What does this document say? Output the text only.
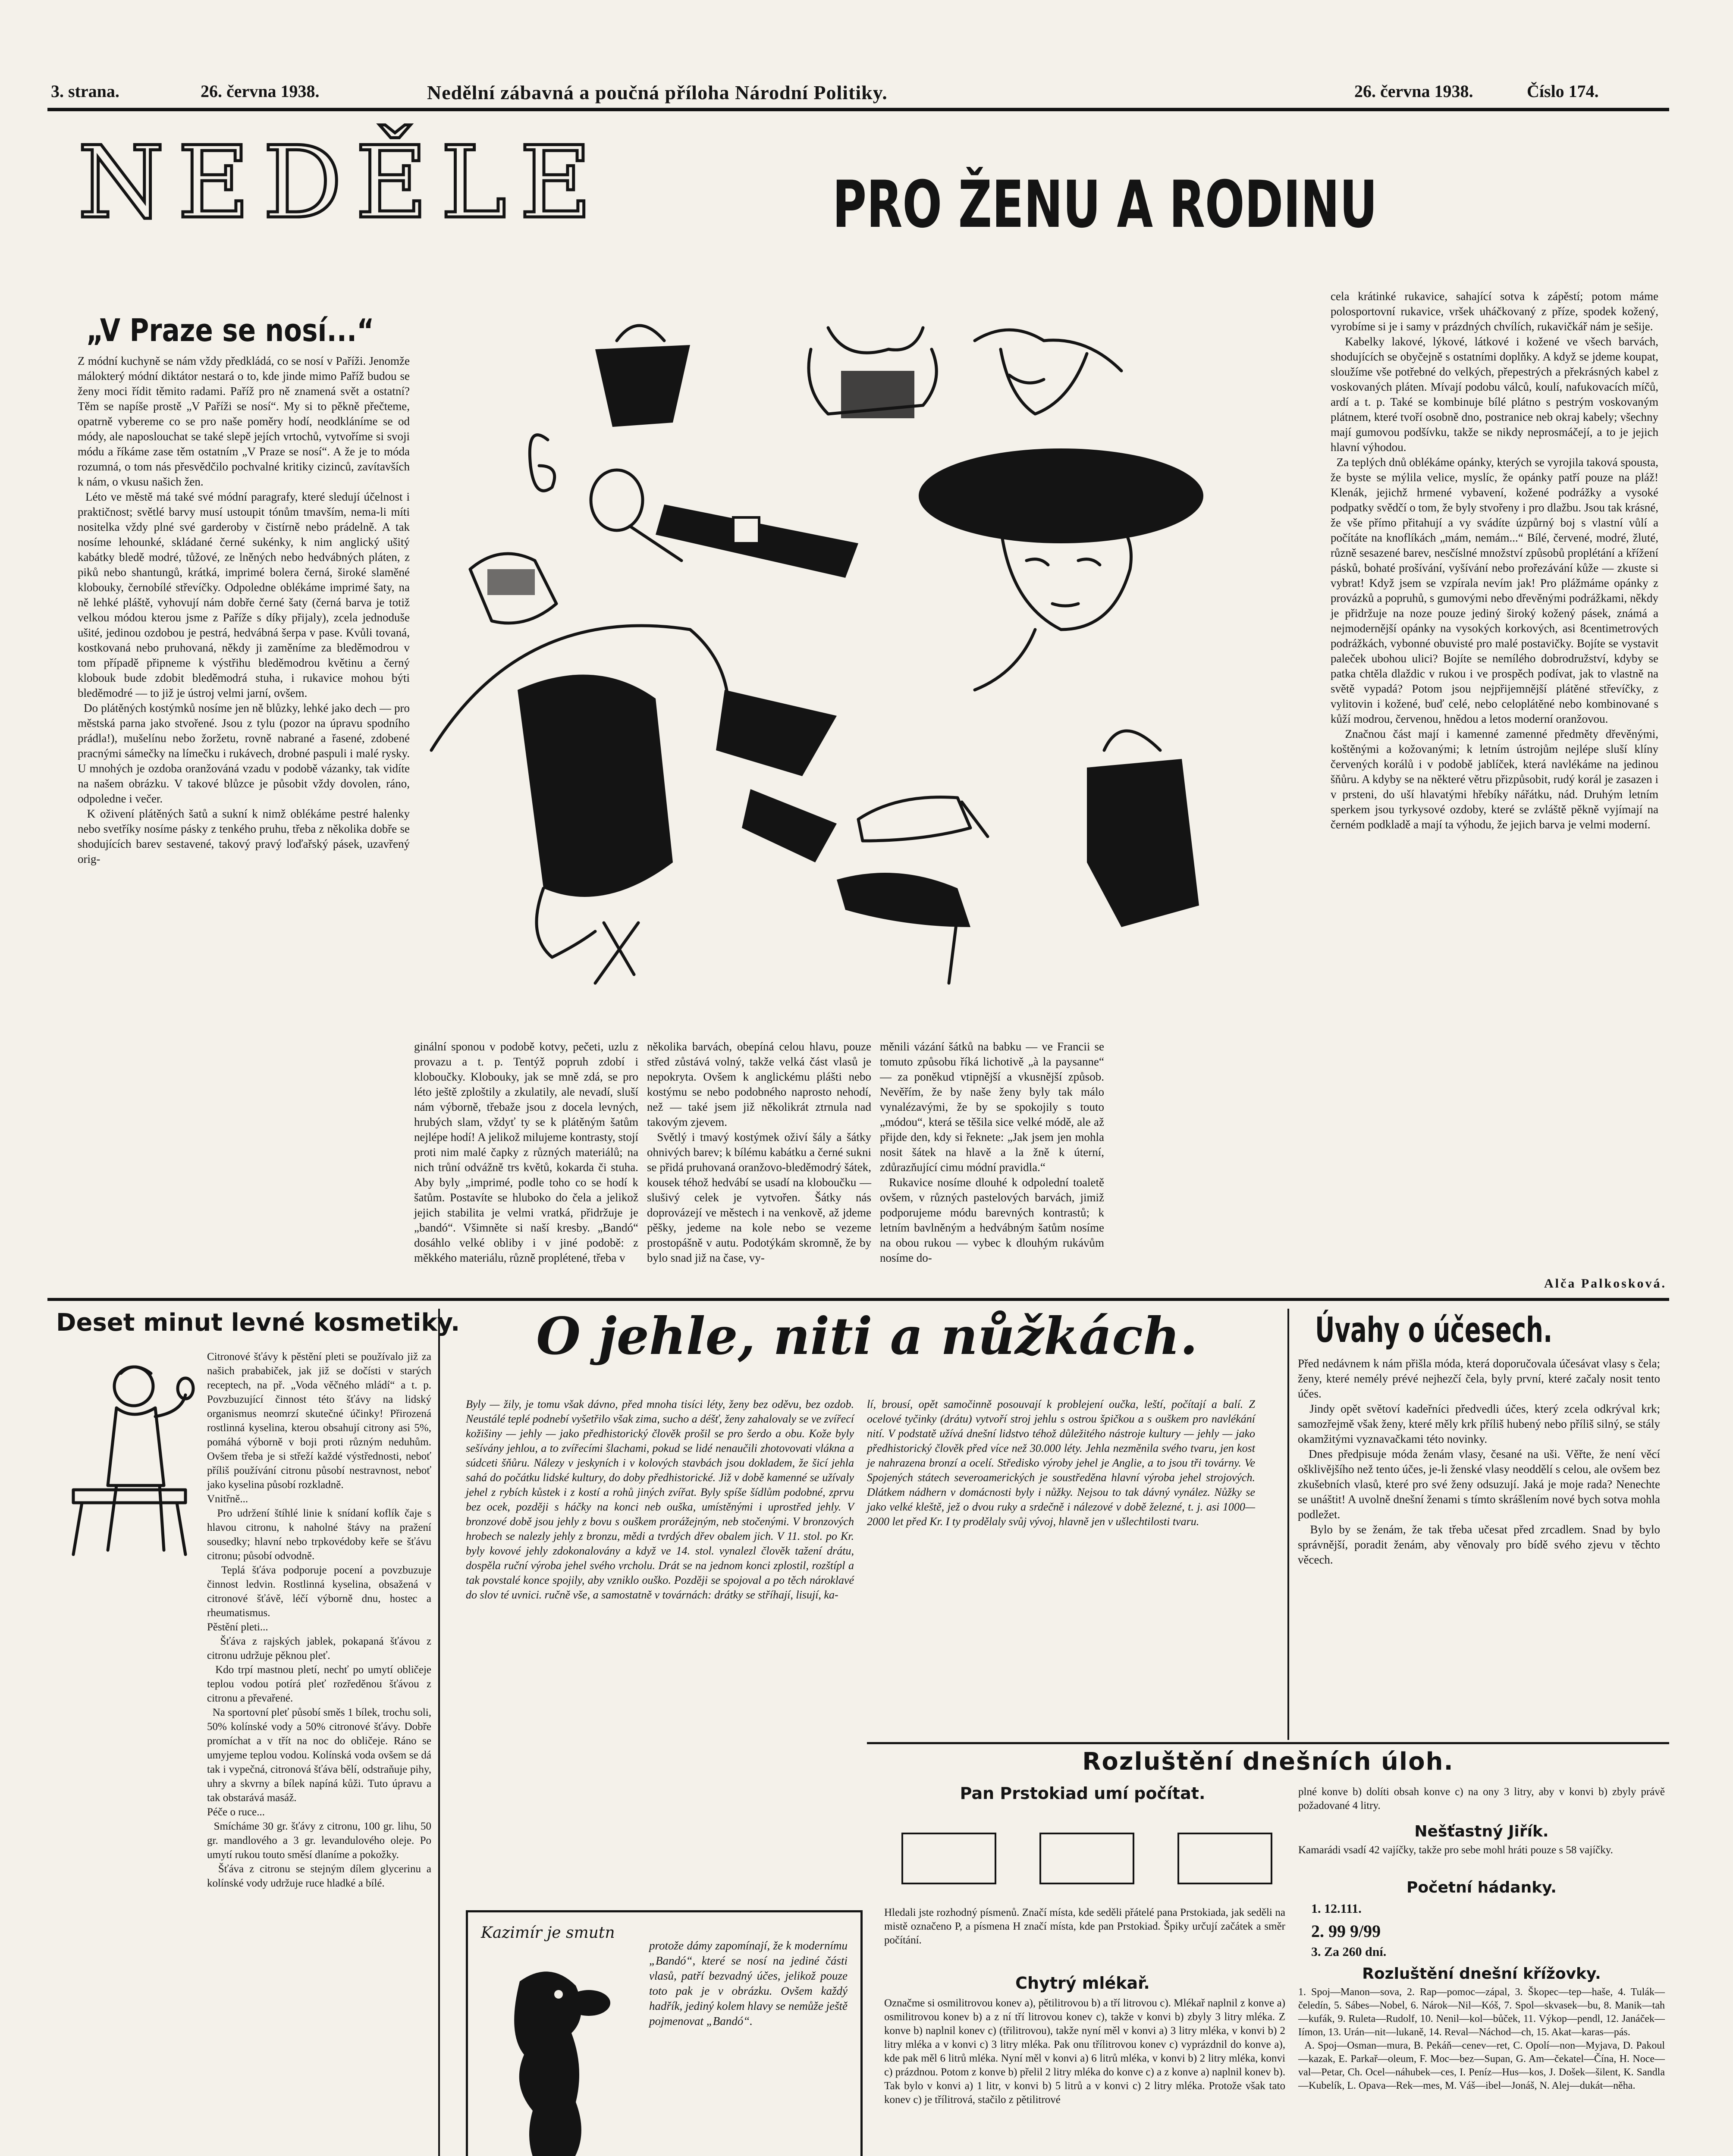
3. strana.	26. června 1938.	Nedělní zábavná a poučná příloha Národní Politiky.	26. června 1938.	Číslo 174.
NEDĚLE	PRO ŽENU A RODINU
„V Praze se nosí...“
Z módní kuchyně se nám vždy předkládá, co se nosí v Paříži. Jenomže málokterý módní diktátor nestará o to, kde jinde mimo Paříž budou se ženy moci řídit těmito radami. Paříž pro ně znamená svět a ostatní? Těm se napíše prostě „V Paříži se nosí“. My si to pěkně přečteme, opatrně vybereme co se pro naše poměry hodí, neodkláníme se od módy, ale naposlouchat se také slepě jejích vrtochů, vytvoříme si svoji módu a říkáme zase těm ostatním „V Praze se nosí“. A že je to móda rozumná, o tom nás přesvědčilo pochvalné kritiky cizinců, zavítavších k nám, o vkusu našich žen.
Léto ve městě má také své módní paragrafy, které sledují účelnost i praktičnost; světlé barvy musí ustoupit tónům tmavším, nema-li míti nositelka vždy plné své garderoby v čistírně nebo prádelně. A tak nosíme lehounké, skládané černé sukénky, k nim anglický ušitý kabátky bledě modré, tůžové, ze lněných nebo hedvábných pláten, z piků nebo shantungů, krátká, imprimé bolera černá, široké slaměné klobouky, černobílé střevíčky. Odpoledne oblékáme imprimé šaty, na ně lehké pláště, vyhovují nám dobře černé šaty (černá barva je totiž velkou módou kterou jsme z Paříže s díky přijaly), zcela jednoduše ušité, jedinou ozdobou je pestrá, hedvábná šerpa v pase. Kvůli tovaná, kostkovaná nebo pruhovaná, někdy ji zaměníme za bleděmodrou v tom případě připneme k výstřihu bleděmodrou květinu a černý klobouk bude zdobit bleděmodrá stuha, i rukavice mohou býti bleděmodré — to již je ústroj velmi jarní, ovšem.
Do plátěných kostýmků nosíme jen ně blůzky, lehké jako dech — pro městská parna jako stvořené. Jsou z tylu (pozor na úpravu spodního prádla!), mušelínu nebo žoržetu, rovně nabrané a řasené, zdobené pracnými sámečky na límečku i rukávech, drobné paspuli i malé rysky. U mnohých je ozdoba oranžováná vzadu v podobě vázanky, tak vidíte na našem obrázku. V takové blůzce je působit vždy dovolen, ráno, odpoledne i večer.
K oživení plátěných šatů a sukní k nimž oblékáme pestré halenky nebo svetříky nosíme pásky z tenkého pruhu, třeba z několika dobře se shodujících barev sestavené, takový pravý loďařský pásek, uzavřený orig-
ginální sponou v podobě kotvy, pečeti, uzlu z provazu a t. p. Tentýž popruh zdobí i kloboučky. Klobouky, jak se mně zdá, se pro léto ještě zploštily a zkulatily, ale nevadí, sluší nám výborně, třebaže jsou z docela levných, hrubých slam, vždyť ty se k plátěným šatům nejlépe hodí! A jelikož milujeme kontrasty, stojí proti nim malé čapky z různých materiálů; na nich trůní odvážně trs květů, kokarda či stuha. Aby byly „imprimé, podle toho co se hodí k šatům. Postavíte se hluboko do čela a jelikož jejich stabilita je velmi vratká, přidržuje je „bandó“. Všimněte si naší kresby. „Bandó“ dosáhlo velké obliby i v jiné podobě: z měkkého materiálu, různě proplétené, třeba v
několika barvách, obepíná celou hlavu, pouze střed zůstává volný, takže velká část vlasů je nepokryta. Ovšem k anglickému plášti nebo kostýmu se nebo podobného naprosto nehodí, než — také jsem již několikrát ztrnula nad takovým zjevem.
Světlý i tmavý kostýmek oživí šály a šátky ohnivých barev; k bílému kabátku a černé sukni se přidá pruhovaná oranžovo-bleděmodrý šátek, kousek téhož hedvábí se usadí na kloboučku — slušivý celek je vytvořen. Šátky nás doprovázejí ve městech i na venkově, až jdeme pěšky, jedeme na kole nebo se vezeme prostopášně v autu. Podotýkám skromně, že by bylo snad již na čase, vy-
měnili vázání šátků na babku — ve Francii se tomuto způsobu říká lichotivě „à la paysanne“ — za poněkud vtipnější a vkusnější způsob. Nevěřím, že by naše ženy byly tak málo vynalézavými, že by se spokojily s touto „módou“, která se těšila sice velké módě, ale až přijde den, kdy si řeknete: „Jak jsem jen mohla nosit šátek na hlavě a la žně k úterní, zdůrazňující cimu módní pravidla.“
Rukavice nosíme dlouhé k odpolední toaletě ovšem, v různých pastelových barvách, jimiž podporujeme módu barevných kontrastů; k letním bavlněným a hedvábným šatům nosíme na obou rukou — vybec k dlouhým rukávům nosíme do-
cela krátinké rukavice, sahající sotva k zápěstí; potom máme polosportovní rukavice, vršek uháčkovaný z příze, spodek kožený, vyrobíme si je i samy v prázdných chvílích, rukavičkář nám je sešije.
Kabelky lakové, lýkové, látkové i kožené ve všech barvách, shodujících se obyčejně s ostatními doplňky. A když se jdeme koupat, sloužíme vše potřebné do velkých, přepestrých a překrásných kabel z voskovaných pláten. Mívají podobu válců, koulí, nafukovacích míčů, ardí a t. p. Také se kombinuje bílé plátno s pestrým voskovaným plátnem, které tvoří osobně dno, postranice neb okraj kabely; všechny mají gumovou podšívku, takže se nikdy neprosmáčejí, a to je jejich hlavní výhodou.
Za teplých dnů oblékáme opánky, kterých se vyrojila taková spousta, že byste se mýlila velice, myslíc, že opánky patří pouze na pláž! Klenák, jejichž hrmené vybavení, kožené podrážky a vysoké podpatky svědčí o tom, že byly stvořeny i pro dlažbu. Jsou tak krásné, že vše přímo přitahují a vy svádíte úzpůrný boj s vlastní vůlí a počítáte na knoflíkách „mám, nemám...“ Bílé, červené, modré, žluté, různě sesazené barev, nesčíslné množství způsobů proplétání a křížení pásků, bohaté prošívání, vyšívání nebo prořezávání kůže — zkuste si vybrat! Když jsem se vzpírala nevím jak! Pro plážmáme opánky z provázků a popruhů, s gumovými nebo dřevěnými podrážkami, někdy je přidržuje na noze pouze jediný široký kožený pásek, známá a nejmodernější opánky na vysokých korkových, asi 8centimetrových podrážkách, vybonné obuvisté pro malé postavičky. Bojíte se vystavit paleček ubohou ulici? Bojíte se nemílého dobrodružství, kdyby se patka chtěla dlaždic v rukou i ve prospěch podívat, jak to vlastně na světě vypadá? Potom jsou nejpřijemnější plátěné střevíčky, z vylitovin i kožené, buď celé, nebo celoplátěné nebo kombinované s kůží modrou, červenou, hnědou a letos moderní oranžovou.
Značnou část mají i kamenné zamenné předměty dřevěnými, koštěnými a kožovanými; k letním ústrojům nejlépe sluší klíny červených korálů i v podobě jablíček, která navlékáme na jedinou šňůru. A kdyby se na některé větru přizpůsobit, rudý korál je zasazen i v prsteni, do uší hlavatými hřebíky nářátku, nád. Druhým letním sperkem jsou tyrkysové ozdoby, které se zvláště pěkně vyjímají na černém podkladě a mají ta výhodu, že jejich barva je velmi moderní.
Alča Palkosková.
Deset minut levné kosmetiky.
Citronové šťávy k pěstění pleti se používalo již za našich prababiček, jak již se dočísti v starých receptech, na př. „Voda věčného mládí“ a t. p. Povzbuzující činnost této šťávy na lidský organismus neomrzí skutečné účinky! Přirozená rostlinná kyselina, kterou obsahují citrony asi 5%, pomáhá výborně v boji proti různým neduhům. Ovšem třeba je si střeží každé výstřednosti, neboť příliš používání citronu působí nestravnost, neboť jako kyselina působí rozkladně.
Vnitřně...
Pro udržení štíhlé linie k snídaní koflík čaje s hlavou citronu, k naholné štávy na pražení sousedky; hlavní nebo trpkovédoby keře se šťávu citronu; působí odvodně.
Teplá šťáva podporuje pocení a povzbuzuje činnost ledvin. Rostlinná kyselina, obsažená v citronové šťávě, léčí výborně dnu, hostec a rheumatismus.
Pěstění pleti...
Šťáva z rajských jablek, pokapaná šťávou z citronu udržuje pěknou pleť.
Kdo trpí mastnou pletí, nechť po umytí obličeje teplou vodou potírá pleť rozředěnou šťávou z citronu a převařené.
Na sportovní pleť působí směs 1 bílek, trochu soli, 50% kolínské vody a 50% citronové šťávy. Dobře promíchat a v třít na noc do obličeje. Ráno se umyjeme teplou vodou. Kolínská voda ovšem se dá tak i vypečná, citronová šťáva bělí, odstraňuje pihy, uhry a skvrny a bílek napíná kůži. Tuto úpravu a tak obstarává masáž.
Péče o ruce...
Smícháme 30 gr. šťávy z citronu, 100 gr. lihu, 50 gr. mandlového a 3 gr. levandulového oleje. Po umytí rukou touto směsí dlaníme a pokožky.
Šťáva z citronu se stejným dílem glycerinu a kolínské vody udržuje ruce hladké a bílé.
O jehle, niti a nůžkách.
Byly — žily, je tomu však dávno, před mnoha tisíci léty, ženy bez oděvu, bez ozdob. Neustálé teplé podnebí vyšetřilo však zima, sucho a déšť, ženy zahalovaly se ve zvířecí kožišiny — jehly — jako předhistorický člověk prošil se pro šerdo a obu. Kože byly sešívány jehlou, a to zvířecími šlachami, pokud se lidé nenaučili zhotovovati vlákna a súdceti šňůru. Nálezy v jeskyních i v kolových stavbách jsou dokladem, že šicí jehla sahá do počátku lidské kultury, do doby předhistorické. Již v době kamenné se užívaly jehel z rybích kůstek i z kostí a rohů jiných zvířat. Byly spíše šídlům podobné, zprvu bez ocek, později s háčky na konci neb ouška, umístěnými i uprostřed jehly. V bronzové době jsou jehly z bovu s ouškem prorážejným, neb stočenými. V bronzových hrobech se nalezly jehly z bronzu, mědi a tvrdých dřev obalem jich. V 11. stol. po Kr. byly kovové jehly zdokonalovány a když ve 14. stol. vynalezl člověk tažení drátu, dospěla ruční výroba jehel svého vrcholu. Drát se na jednom konci zplostil, rozštípl a tak povstalé konce spojily, aby vzniklo ouško. Později se spojoval a po těch nároklavé do slov té uvnici. ručně vše, a samostatně v továrnách: drátky se stříhají, lisují, ka-
lí, brousí, opět samočinně posouvají k problejení oučka, leští, počítají a balí. Z ocelové tyčinky (drátu) vytvoří stroj jehlu s ostrou špičkou a s ouškem pro navlékání nití. V podstatě užívá dnešní lidstvo téhož důležitého nástroje kultury — jehly — jako předhistorický člověk před více než 30.000 léty. Jehla nezměnila svého tvaru, jen kost je nahrazena bronzí a ocelí. Středisko výroby jehel je Anglie, a to jsou tři továrny. Ve Spojených státech severoamerických je soustředěna hlavní výroba jehel strojových. Dlátkem nádhern v domácnosti byly i nůžky. Nejsou to tak dávný vynález. Nůžky se jako velké kleště, jež o dvou ruky a srdečně i nálezové v době železné, t. j. asi 1000—2000 let před Kr. I ty prodělaly svůj vývoj, hlavně jen v ušlechtilosti tvaru.
Úvahy o účesech.
Před nedávnem k nám přišla móda, která doporučovala účesávat vlasy s čela; ženy, které nemély prévé nejhezčí čela, byly první, které začaly nosit tento účes.
Jindy opět světoví kadeřníci předvedli účes, který zcela odkrýval krk; samozřejmě však ženy, které měly krk příliš hubený nebo příliš silný, se stály okamžitými vyznavačkami této novinky.
Dnes předpisuje móda ženám vlasy, česané na uši. Věřte, že není věcí ošklivějšího než tento účes, je-li ženské vlasy neoddělí s celou, ale ovšem bez zkušebních vlasů, které pro své ženy odsuzují. Jaká je moje rada? Nenechte se unáštit! A uvolně dnešní ženami s tímto skrášlením nové bych sotva mohla podležet.
Bylo by se ženám, že tak třeba učesat před zrcadlem. Snad by bylo správnější, poradit ženám, aby věnovaly pro bídě svého zjevu v těchto věcech.
Rozluštění dnešních úloh.
Pan Prstokiad umí počítat.
Hledali jste rozhodný písmenů. Značí místa, kde seděli přátelé pana Prstokiada, jak seděli na mistě označeno P, a písmena H značí místa, kde pan Prstokiad. Špiky určují začátek a směr počítání.
Chytrý mlékař.
Označme si osmilitrovou konev a), pětilitrovou b) a tří litrovou c). Mlékař naplnil z konve a) osmilitrovou konev b) a z ní tří litrovou konev c), takže v konvi b) zbyly 3 litry mléka. Z konve b) naplnil konev c) (třilitrovou), takže nyní měl v konvi a) 3 litry mléka, v konvi b) 2 litry mléka a v konvi c) 3 litry mléka. Pak onu třílitrovou konev c) vyprázdnil do konve a), kde pak měl 6 litrů mléka. Nyní měl v konvi a) 6 litrů mléka, v konvi b) 2 litry mléka, konvi c) prázdnou. Potom z konve b) přelil 2 litry mléka do konve c) a z konve a) naplnil konev b). Tak bylo v konvi a) 1 litr, v konvi b) 5 litrů a v konvi c) 2 litry mléka. Protože však tato konev c) je třílitrová, stačilo z pětilitrové
plné konve b) dolíti obsah konve c) na ony 3 litry, aby v konvi b) zbyly právě požadované 4 litry.
Nešťastný Jiřík.
Kamarádi vsadí 42 vajíčky, takže pro sebe mohl hráti pouze s 58 vajíčky.
Početní hádanky.
1. 12.111.
2. 99 9/99
3. Za 260 dní.
Rozluštění dnešní křížovky.
1. Spoj—Manon—sova, 2. Rap—pomoc—zápal, 3. Škopec—tep—haše, 4. Tulák—čeledín, 5. Sábes—Nobel, 6. Nárok—Nil—Kóš, 7. Spol—skvasek—bu, 8. Manik—tah—kufák, 9. Ruleta—Rudolf, 10. Nenil—kol—bůček, 11. Výkop—pendl, 12. Janáček—Iímon, 13. Urán—nit—lukaně, 14. Reval—Náchod—ch, 15. Akat—karas—pás.
A. Spoj—Osman—mura, B. Pekáň—cenev—ret, C. Opolí—non—Myjava, D. Pakoul—kazak, E. Parkař—oleum, F. Moc—bez—Supan, G. Am—čekatel—Čína, H. Noce—val—Petar, Ch. Ocel—náhubek—ces, I. Peníz—Hus—kos, J. Došek—šilent, K. Sandla—Kubelík, L. Opava—Rek—mes, M. Váš—ibel—Jonáš, N. Alej—dukát—něha.
Kazimír je smutn
protože dámy zapomínají, že k modernímu „Bandó“, které se nosí na jediné části vlasů, patří bezvadný účes, jelikož pouze toto pak je v obrázku. Ovšem každý hadřík, jediný kolem hlavy se nemůže ještě pojmenovat „Bandó“.
